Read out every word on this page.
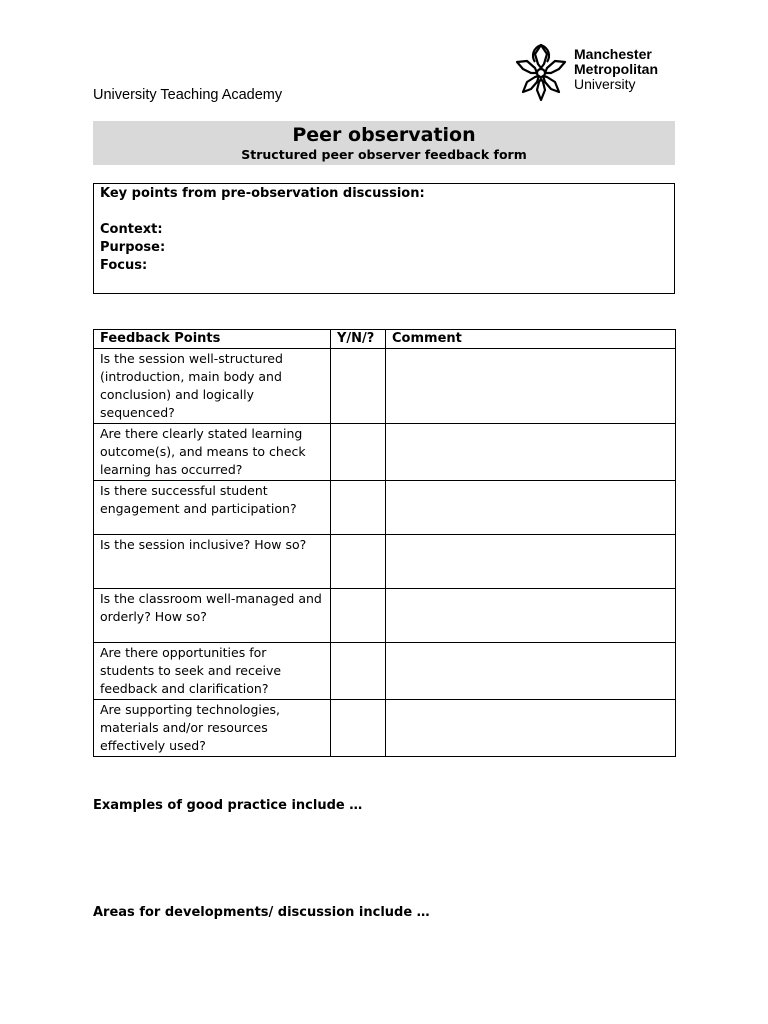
University Teaching Academy
Manchester
Metropolitan
University
Peer observation
Structured peer observer feedback form
Key points from pre-observation discussion:
Context:
Purpose:
Focus:
Feedback Points	Y/N/?	Comment
Is the session well-structured (introduction, main body and conclusion) and logically sequenced?		
Are there clearly stated learning outcome(s), and means to check learning has occurred?		
Is there successful student engagement and participation?		
Is the session inclusive? How so?		
Is the classroom well-managed and orderly? How so?		
Are there opportunities for students to seek and receive feedback and clarification?		
Are supporting technologies, materials and/or resources effectively used?		
Examples of good practice include …
Areas for developments/ discussion include …
